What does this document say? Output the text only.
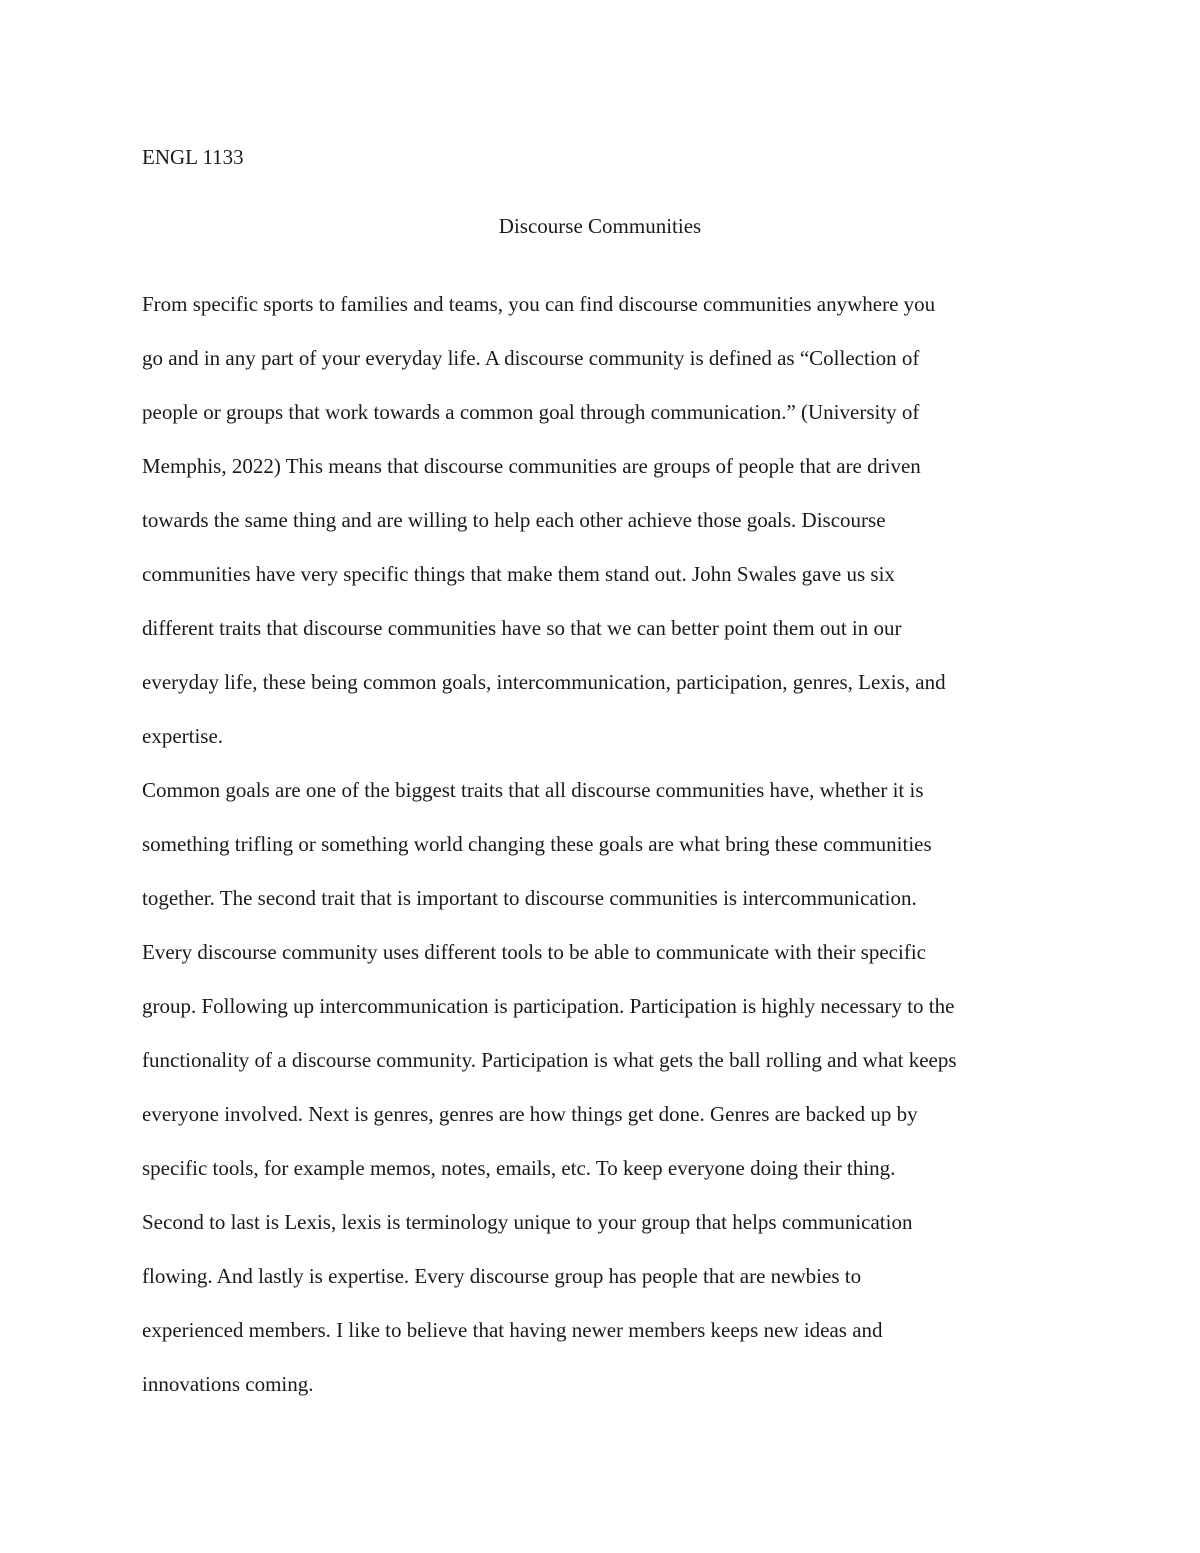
ENGL 1133

Discourse Communities

From specific sports to families and teams, you can find discourse communities anywhere you
go and in any part of your everyday life. A discourse community is defined as “Collection of
people or groups that work towards a common goal through communication.” (University of
Memphis, 2022) This means that discourse communities are groups of people that are driven
towards the same thing and are willing to help each other achieve those goals. Discourse
communities have very specific things that make them stand out. John Swales gave us six
different traits that discourse communities have so that we can better point them out in our
everyday life, these being common goals, intercommunication, participation, genres, Lexis, and
expertise.

Common goals are one of the biggest traits that all discourse communities have, whether it is
something trifling or something world changing these goals are what bring these communities
together. The second trait that is important to discourse communities is intercommunication.
Every discourse community uses different tools to be able to communicate with their specific
group. Following up intercommunication is participation. Participation is highly necessary to the
functionality of a discourse community. Participation is what gets the ball rolling and what keeps
everyone involved. Next is genres, genres are how things get done. Genres are backed up by
specific tools, for example memos, notes, emails, etc. To keep everyone doing their thing.
Second to last is Lexis, lexis is terminology unique to your group that helps communication
flowing. And lastly is expertise. Every discourse group has people that are newbies to
experienced members. I like to believe that having newer members keeps new ideas and
innovations coming.
